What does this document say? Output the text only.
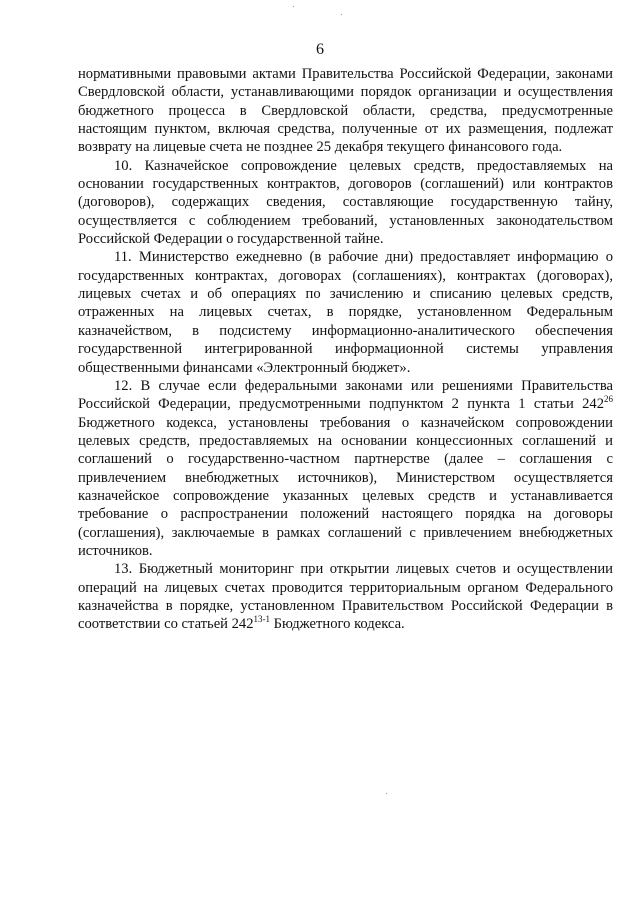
6

нормативными правовыми актами Правительства Российской Федерации, законами Свердловской области, устанавливающими порядок организации и осуществления бюджетного процесса в Свердловской области, средства, предусмотренные настоящим пунктом, включая средства, полученные от их размещения, подлежат возврату на лицевые счета не позднее 25 декабря текущего финансового года.

10. Казначейское сопровождение целевых средств, предоставляемых на основании государственных контрактов, договоров (соглашений) или контрактов (договоров), содержащих сведения, составляющие государственную тайну, осуществляется с соблюдением требований, установленных законодательством Российской Федерации о государственной тайне.

11. Министерство ежедневно (в рабочие дни) предоставляет информацию о государственных контрактах, договорах (соглашениях), контрактах (договорах), лицевых счетах и об операциях по зачислению и списанию целевых средств, отраженных на лицевых счетах, в порядке, установленном Федеральным казначейством, в подсистему информационно-аналитического обеспечения государственной интегрированной информационной системы управления общественными финансами «Электронный бюджет».

12. В случае если федеральными законами или решениями Правительства Российской Федерации, предусмотренными подпунктом 2 пункта 1 статьи $242^{26}$ Бюджетного кодекса, установлены требования о казначейском сопровождении целевых средств, предоставляемых на основании концессионных соглашений и соглашений о государственно-частном партнерстве (далее – соглашения с привлечением внебюджетных источников), Министерством осуществляется казначейское сопровождение указанных целевых средств и устанавливается требование о распространении положений настоящего порядка на договоры (соглашения), заключаемые в рамках соглашений с привлечением внебюджетных источников.

13. Бюджетный мониторинг при открытии лицевых счетов и осуществлении операций на лицевых счетах проводится территориальным органом Федерального казначейства в порядке, установленном Правительством Российской Федерации в соответствии со статьей 242$^{13-1}$ Бюджетного кодекса.
